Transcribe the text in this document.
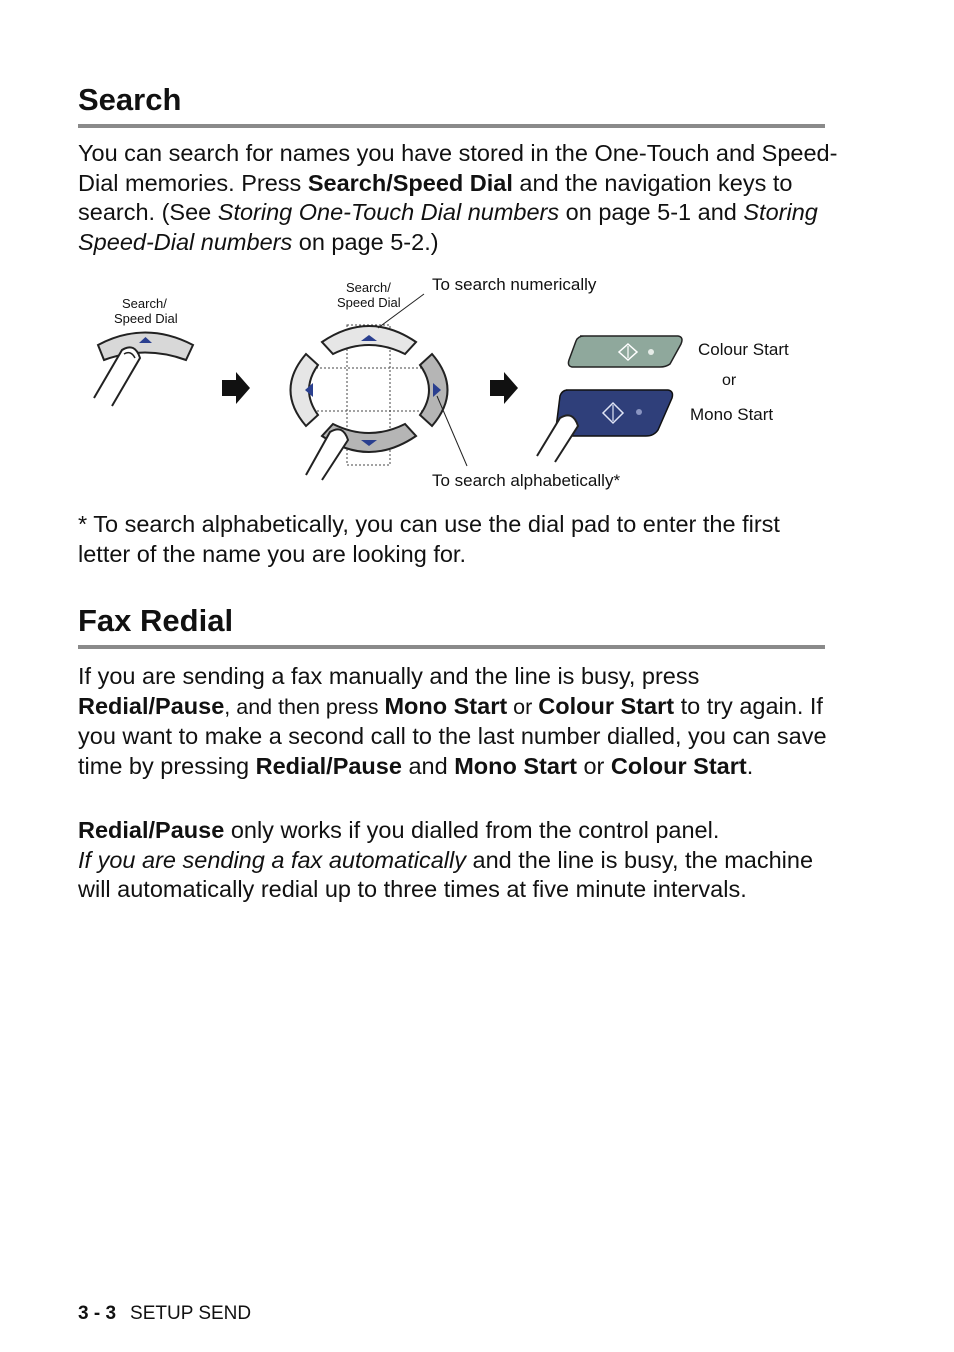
Search

You can search for names you have stored in the One-Touch and Speed-Dial memories. Press Search/Speed Dial and the navigation keys to search. (See Storing One-Touch Dial numbers on page 5-1 and Storing Speed-Dial numbers on page 5-2.)

Search/
Speed Dial
Search/
Speed Dial
To search numerically
To search alphabetically*
Colour Start
or
Mono Start

* To search alphabetically, you can use the dial pad to enter the first letter of the name you are looking for.

Fax Redial

If you are sending a fax manually and the line is busy, press Redial/Pause, and then press Mono Start or Colour Start to try again. If you want to make a second call to the last number dialled, you can save time by pressing Redial/Pause and Mono Start or Colour Start.

Redial/Pause only works if you dialled from the control panel.
If you are sending a fax automatically and the line is busy, the machine will automatically redial up to three times at five minute intervals.

3 - 3 SETUP SEND
